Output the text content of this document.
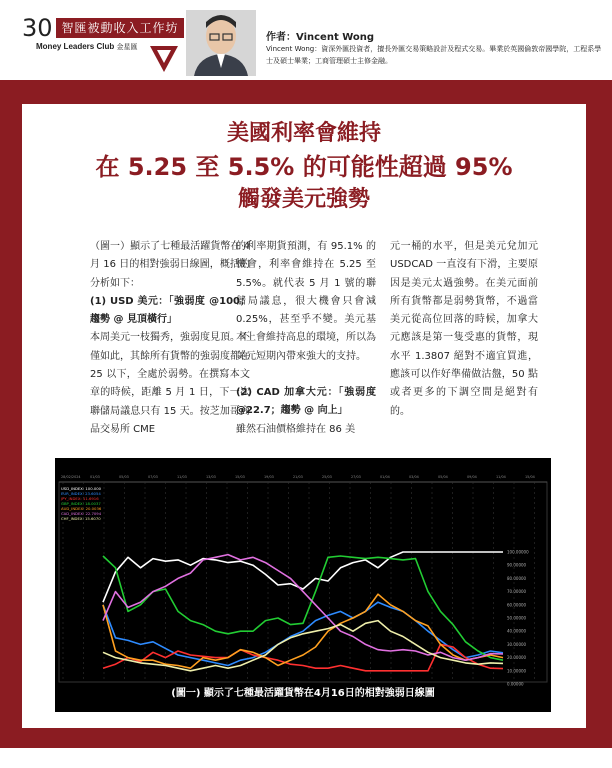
30 智匯被動收入工作坊
Money Leaders Club 金星匯
作者：Vincent Wong
Vincent Wong：資深外匯投資者，擅長外匯交易策略設計及程式交易。畢業於英國倫敦帝國學院，工程系學士及碩士畢業；工商管理碩士主修金融。
美國利率會維持
在 5.25 至 5.5% 的可能性超過 95%
觸發美元強勢

（圖一）顯示了七種最活躍貨幣在 4 月 16 日的相對強弱日線圖，概括的分析如下：

(1) USD 美元：「強弱度 @100；趨勢 @ 見頂橫行」

本周美元一枝獨秀，強弱度見頂。不僅如此，其餘所有貨幣的強弱度都在 25 以下，全處於弱勢。在撰寫本文章的時候，距離 5 月 1 日，下一次聯儲局議息只有 15 天。按芝加哥商品交易所 CME

的利率期貨預測，有 95.1% 的機會，利率會維持在 5.25 至 5.5%。就代表 5 月 1 號的聯儲局議息，很大機會只會減 0.25%，甚至乎不變。美元基本上會維持高息的環境，所以為美元短期內帶來強大的支持。

(2) CAD 加拿大元：「強弱度 @22.7；趨勢 @ 向上」

雖然石油價格維持在 86 美

元一桶的水平，但是美元兌加元 USDCAD 一直沒有下滑，主要原因是美元太過強勢。在美元面前所有貨幣都是弱勢貨幣，不過當美元從高位回落的時候，加拿大元應該是第一隻受惠的貨幣，現水平 1.3807 絕對不適宜買進，應該可以作好準備做沽盤，50 點或者更多的下調空間是絕對有的。

28/02/2024	01/03	05/03	07/03	11/03	13/03	15/03	19/03	21/03	25/03	27/03	01/04	03/04	05/04	09/04	11/04	15/04
100.00000
90.00000
80.00000
70.00000
60.00000
50.00000
40.00000
30.00000
20.00000
10.00000
0.00000
USD_INDEX: 100.000
EUR_INDEX: 23.6054
JPY_INDEX: 11.6916
GBP_INDEX: 18.0037
AUD_INDEX: 20.0036
CAD_INDEX: 22.7094
CHF_INDEX: 15.6070
(圖一) 顯示了七種最活躍貨幣在4月16日的相對強弱日線圖
